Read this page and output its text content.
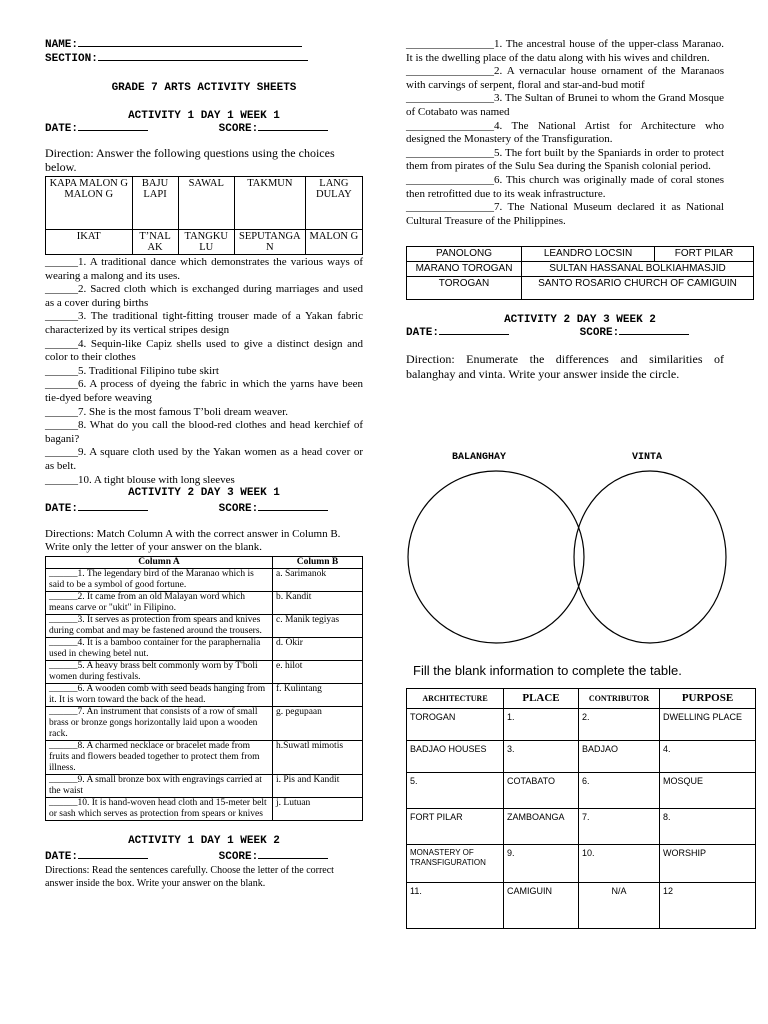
NAME:
SECTION:
GRADE 7 ARTS ACTIVITY SHEETS
ACTIVITY 1 DAY 1 WEEK 1
DATE:	SCORE:

Direction: Answer the following questions using the choices below.

KAPA MALON G MALON G	BAJU LAPI	SAWAL	TAKMUN	LANG DULAY
IKAT	T’NAL AK	TANGKU LU	SEPUTANGA N	MALON G

______1. A traditional dance which demonstrates the various ways of wearing a malong and its uses.

______2. Sacred cloth which is exchanged during marriages and used as a cover during births

______3. The traditional tight-fitting trouser made of a Yakan fabric characterized by its vertical stripes design

______4. Sequin-like Capiz shells used to give a distinct design and color to their clothes

______5. Traditional Filipino tube skirt

______6. A process of dyeing the fabric in which the yarns have been tie-dyed before weaving

______7. She is the most famous T’boli dream weaver.

______8. What do you call the blood-red clothes and head kerchief of bagani?

______9. A square cloth used by the Yakan women as a head cover or as belt.

______10. A tight blouse with long sleeves

ACTIVITY 2 DAY 3 WEEK 1
DATE:	SCORE:

Directions: Match Column A with the correct answer in Column B. Write only the letter of your answer on the blank.

Column A	Column B
______1. The legendary bird of the Maranao which is said to be a symbol of good fortune.	a. Sarimanok
______2. It came from an old Malayan word which means carve or "ukit" in Filipino.	b. Kandit
______3. It serves as protection from spears and knives during combat and may be fastened around the trousers.	c. Manik tegiyas
______4. It is a bamboo container for the paraphernalia used in chewing betel nut.	d. Okir
______5. A heavy brass belt commonly worn by T'boli women during festivals.	e. hilot
______6. A wooden comb with seed beads hanging from it. It is worn toward the back of the head.	f. Kulintang
______7. An instrument that consists of a row of small brass or bronze gongs horizontally laid upon a wooden rack.	g. pegupaan
______8. A charmed necklace or bracelet made from fruits and flowers beaded together to protect them from illness.	h.Suwatl mimotis
______9. A small bronze box with engravings carried at the waist	i. Pis and Kandit
______10. It is hand-woven head cloth and 15-meter belt or sash which serves as protection from spears or knives	j. Lutuan
ACTIVITY 1 DAY 1 WEEK 2
DATE:	SCORE:

Directions: Read the sentences carefully. Choose the letter of the correct answer inside the box. Write your answer on the blank.

________________1. The ancestral house of the upper-class Maranao. It is the dwelling place of the datu along with his wives and children.

________________2. A vernacular house ornament of the Maranaos with carvings of serpent, floral and star-and-bud motif

________________3. The Sultan of Brunei to whom the Grand Mosque of Cotabato was named

________________4. The National Artist for Architecture who designed the Monastery of the Transfiguration.

________________5. The fort built by the Spaniards in order to protect them from pirates of the Sulu Sea during the Spanish colonial period.

________________6. This church was originally made of coral stones then retrofitted due to its weak infrastructure.

________________7. The National Museum declared it as National Cultural Treasure of the Philippines.

PANOLONG	LEANDRO LOCSIN	FORT PILAR
MARANO TOROGAN	SULTAN HASSANAL BOLKIAHMASJID	
TOROGAN	SANTO ROSARIO CHURCH OF CAMIGUIN	
ACTIVITY 2 DAY 3 WEEK 2
DATE:	SCORE:

Direction: Enumerate the differences and similarities of balanghay and vinta. Write your answer inside the circle.

BALANGHAY	VINTA
Fill the blank information to complete the table.
ARCHITECTURE	PLACE	CONTRIBUTOR	PURPOSE
TOROGAN	1.	2.	DWELLING PLACE
BADJAO HOUSES	3.	BADJAO	4.
5.	COTABATO	6.	MOSQUE
FORT PILAR	ZAMBOANGA	7.	8.
MONASTERY OF TRANSFIGURATION	9.	10.	WORSHIP
11.	CAMIGUIN	N/A	12
